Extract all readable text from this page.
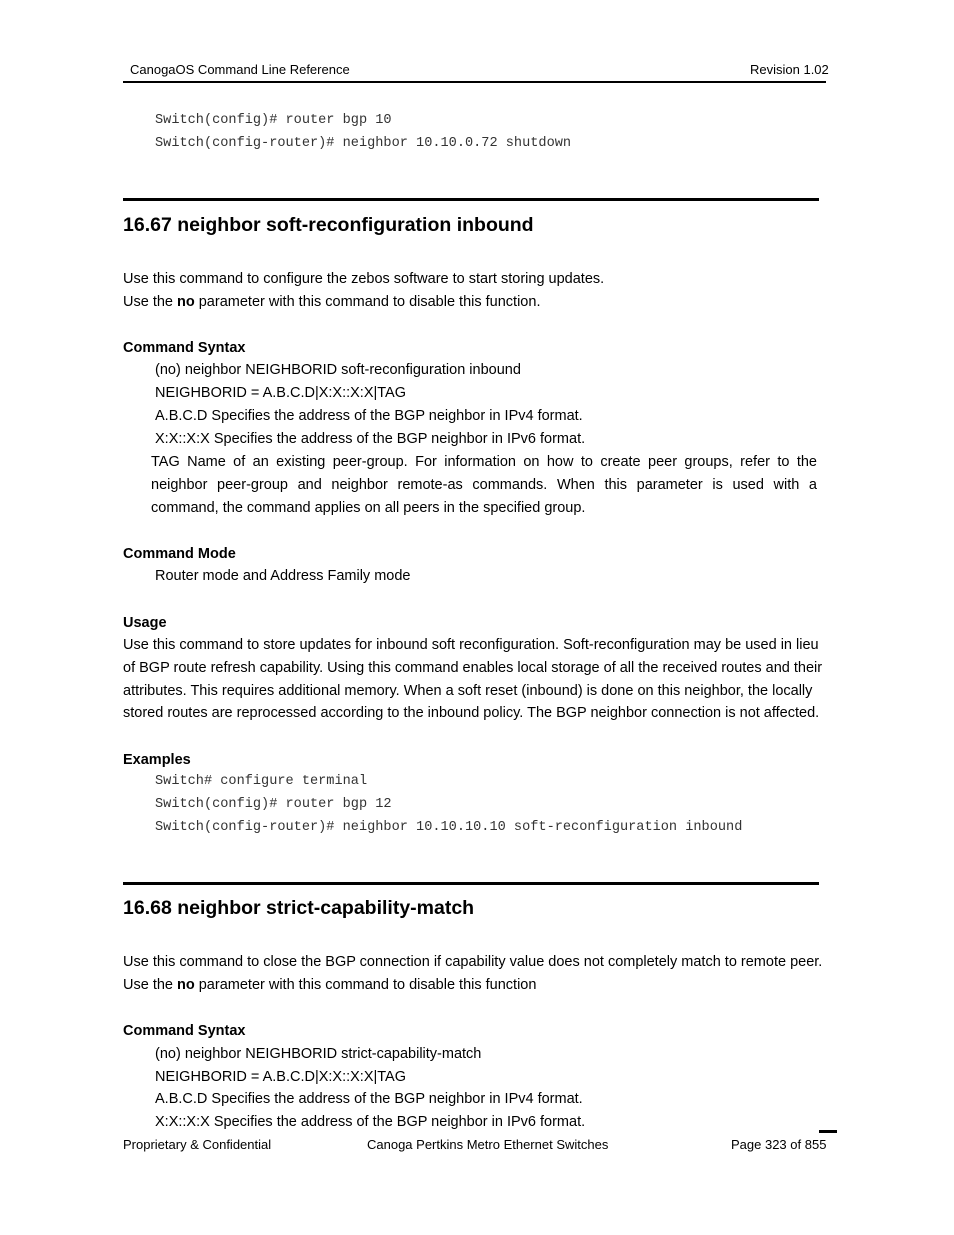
CanogaOS Command Line Reference	Revision 1.02
Switch(config)# router bgp 10
Switch(config-router)# neighbor 10.10.0.72 shutdown
16.67 neighbor soft-reconfiguration inbound
Use this command to configure the zebos software to start storing updates.
Use the no parameter with this command to disable this function.
Command Syntax
(no) neighbor NEIGHBORID soft-reconfiguration inbound
NEIGHBORID = A.B.C.D|X:X::X:X|TAG
A.B.C.D Specifies the address of the BGP neighbor in IPv4 format.
X:X::X:X Specifies the address of the BGP neighbor in IPv6 format.
TAG Name of an existing peer-group. For information on how to create peer groups, refer to the neighbor peer-group and neighbor remote-as commands. When this parameter is used with a command, the command applies on all peers in the specified group.
Command Mode
Router mode and Address Family mode
Usage
Use this command to store updates for inbound soft reconfiguration. Soft-reconfiguration may be used in lieu
of BGP route refresh capability. Using this command enables local storage of all the received routes and their
attributes. This requires additional memory. When a soft reset (inbound) is done on this neighbor, the locally
stored routes are reprocessed according to the inbound policy. The BGP neighbor connection is not affected.
Examples
Switch# configure terminal
Switch(config)# router bgp 12
Switch(config-router)# neighbor 10.10.10.10 soft-reconfiguration inbound
16.68 neighbor strict-capability-match
Use this command to close the BGP connection if capability value does not completely match to remote peer.
Use the no parameter with this command to disable this function
Command Syntax
(no) neighbor NEIGHBORID strict-capability-match
NEIGHBORID = A.B.C.D|X:X::X:X|TAG
A.B.C.D Specifies the address of the BGP neighbor in IPv4 format.
X:X::X:X Specifies the address of the BGP neighbor in IPv6 format.
Proprietary & Confidential	Canoga Pertkins Metro Ethernet Switches	Page 323 of 855
